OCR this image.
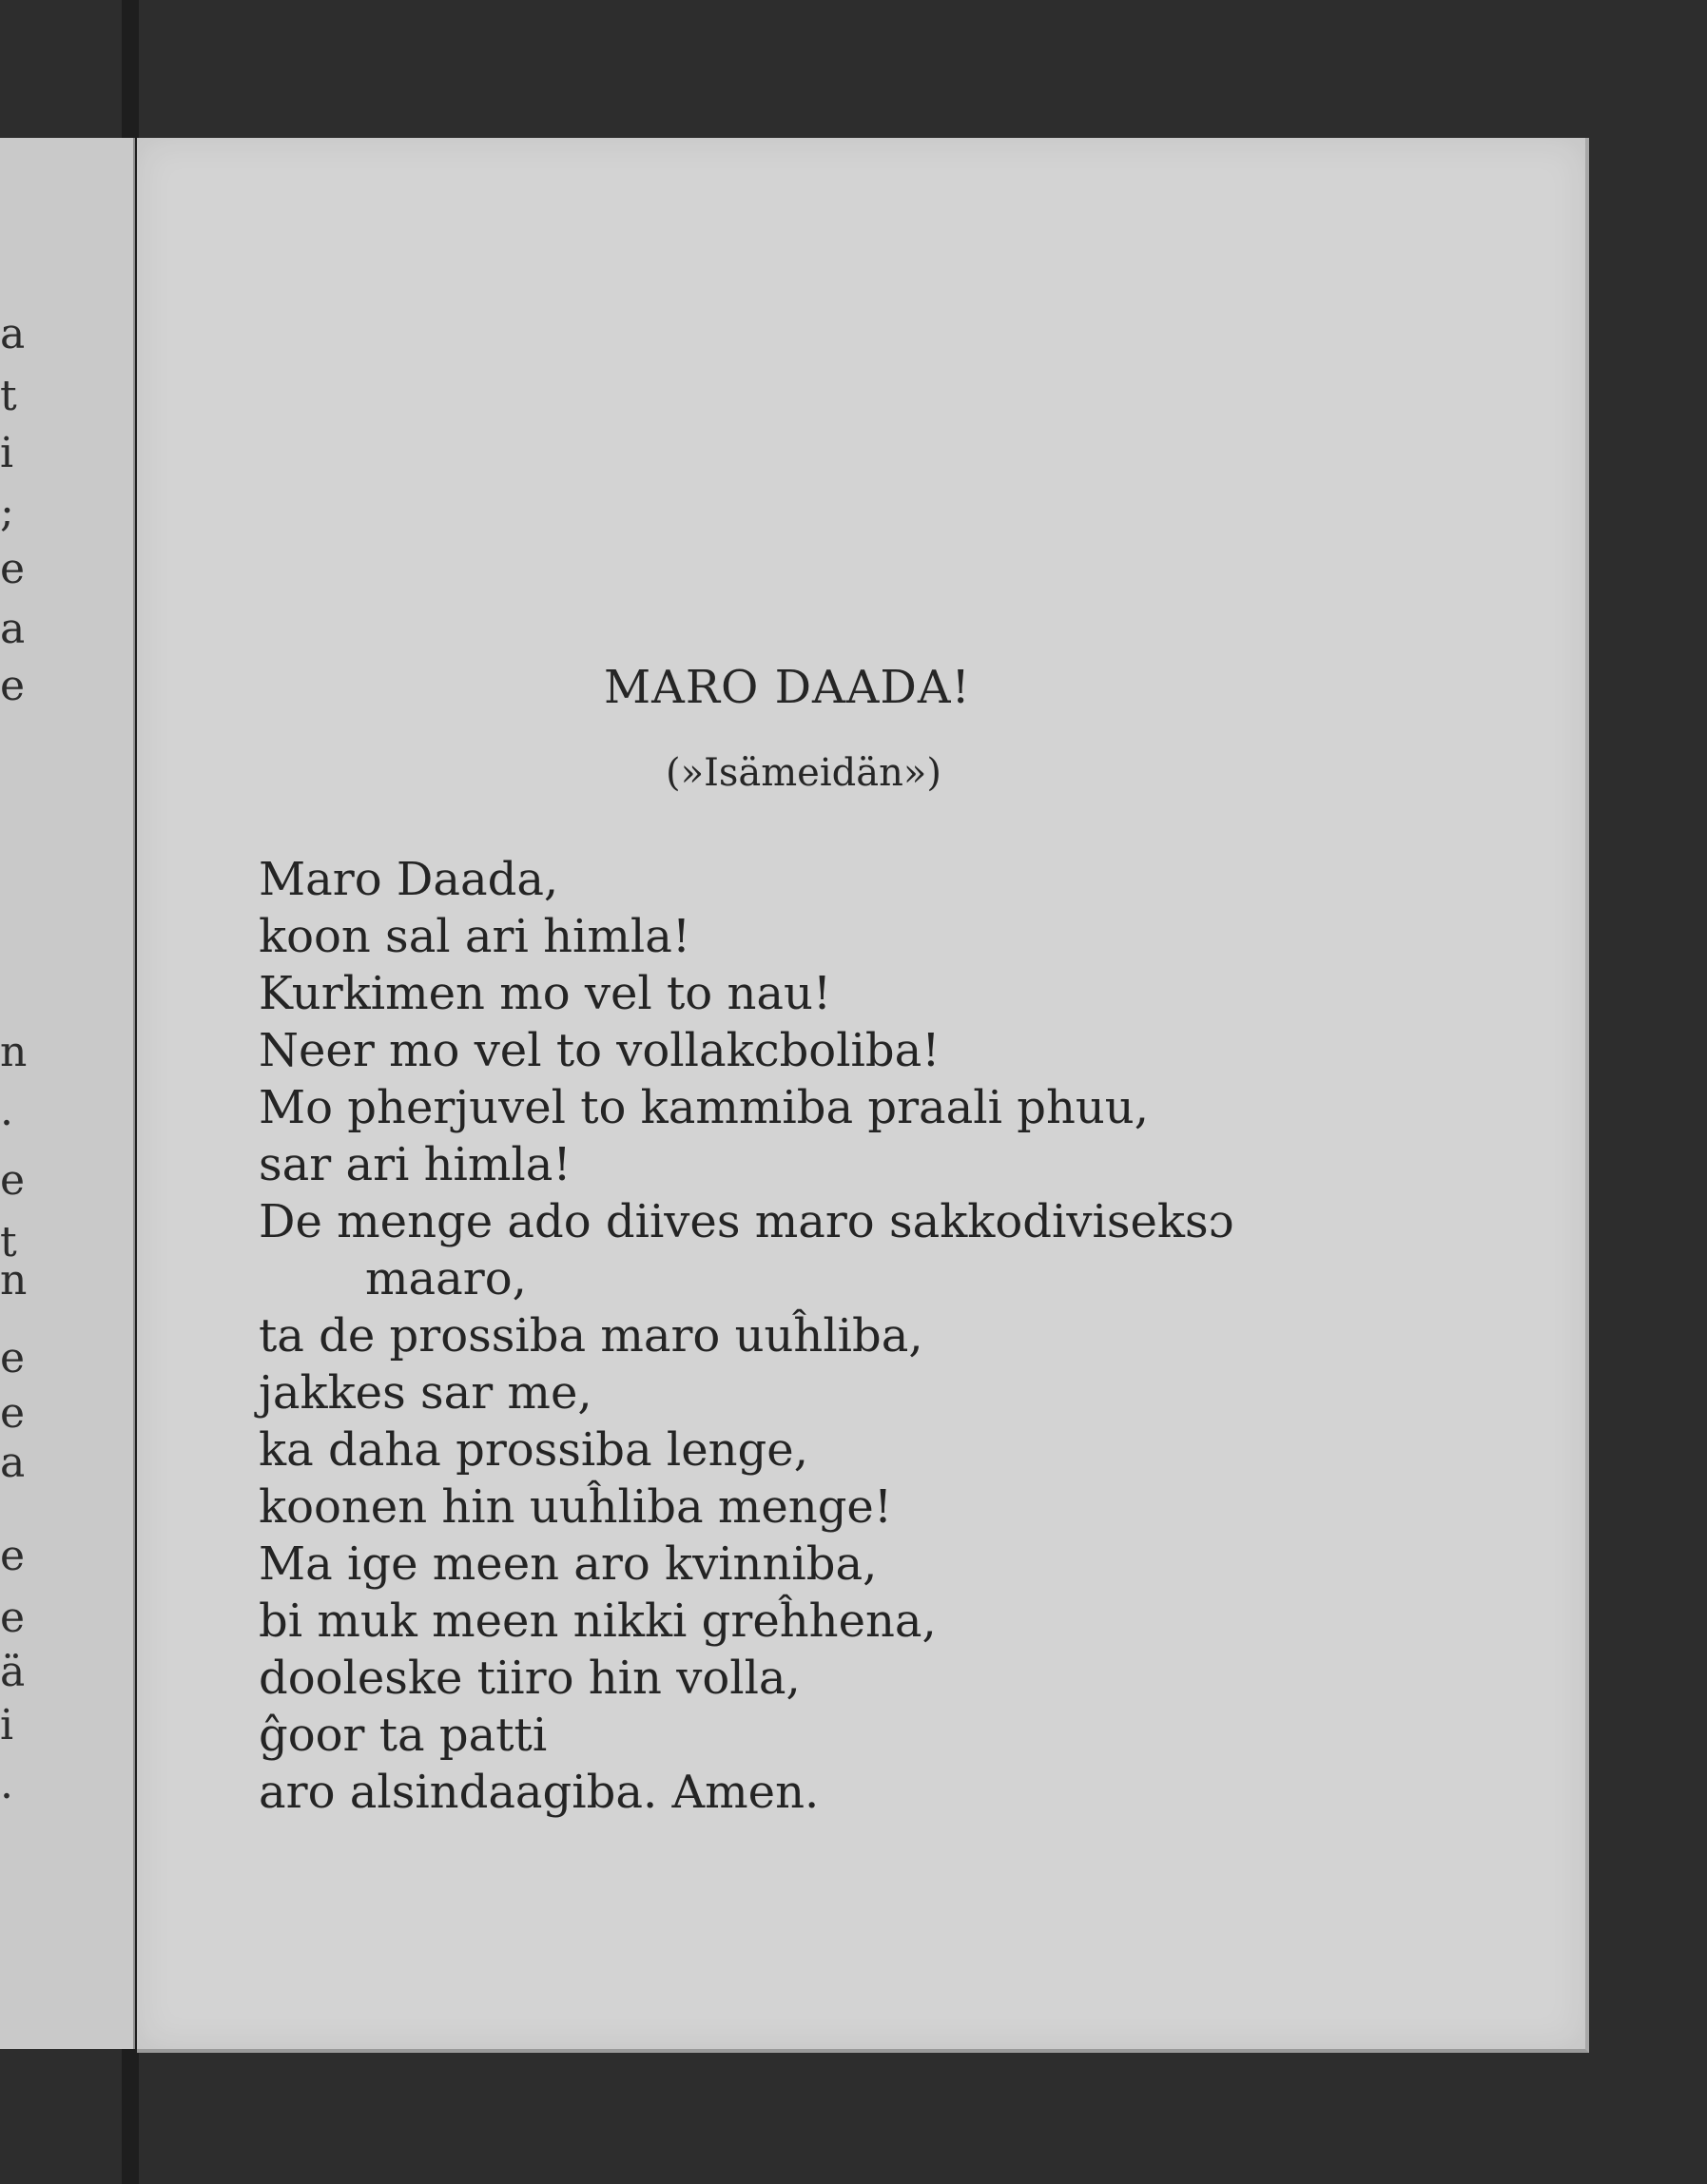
a
t
i
;
e
a
e
n
.
e
t
n
e
e
a
e
e
ä
i
.
MARO DAADA!
(»Isämeidän»)
Maro Daada,
koon sal ari himla!
Kurkimen mo vel to nau!
Neer mo vel to vollakcboliba!
Mo pherjuvel to kammiba praali phuu,
sar ari himla!
De menge ado diives maro sakkodiviseksɔ
maaro,
ta de prossiba maro uuĥliba,
jakkes sar me,
ka daha prossiba lenge,
koonen hin uuĥliba menge!
Ma ige meen aro kvinniba,
bi muk meen nikki greĥhena,
dooleske tiiro hin volla,
ĝoor ta patti
aro alsindaagiba. Amen.
